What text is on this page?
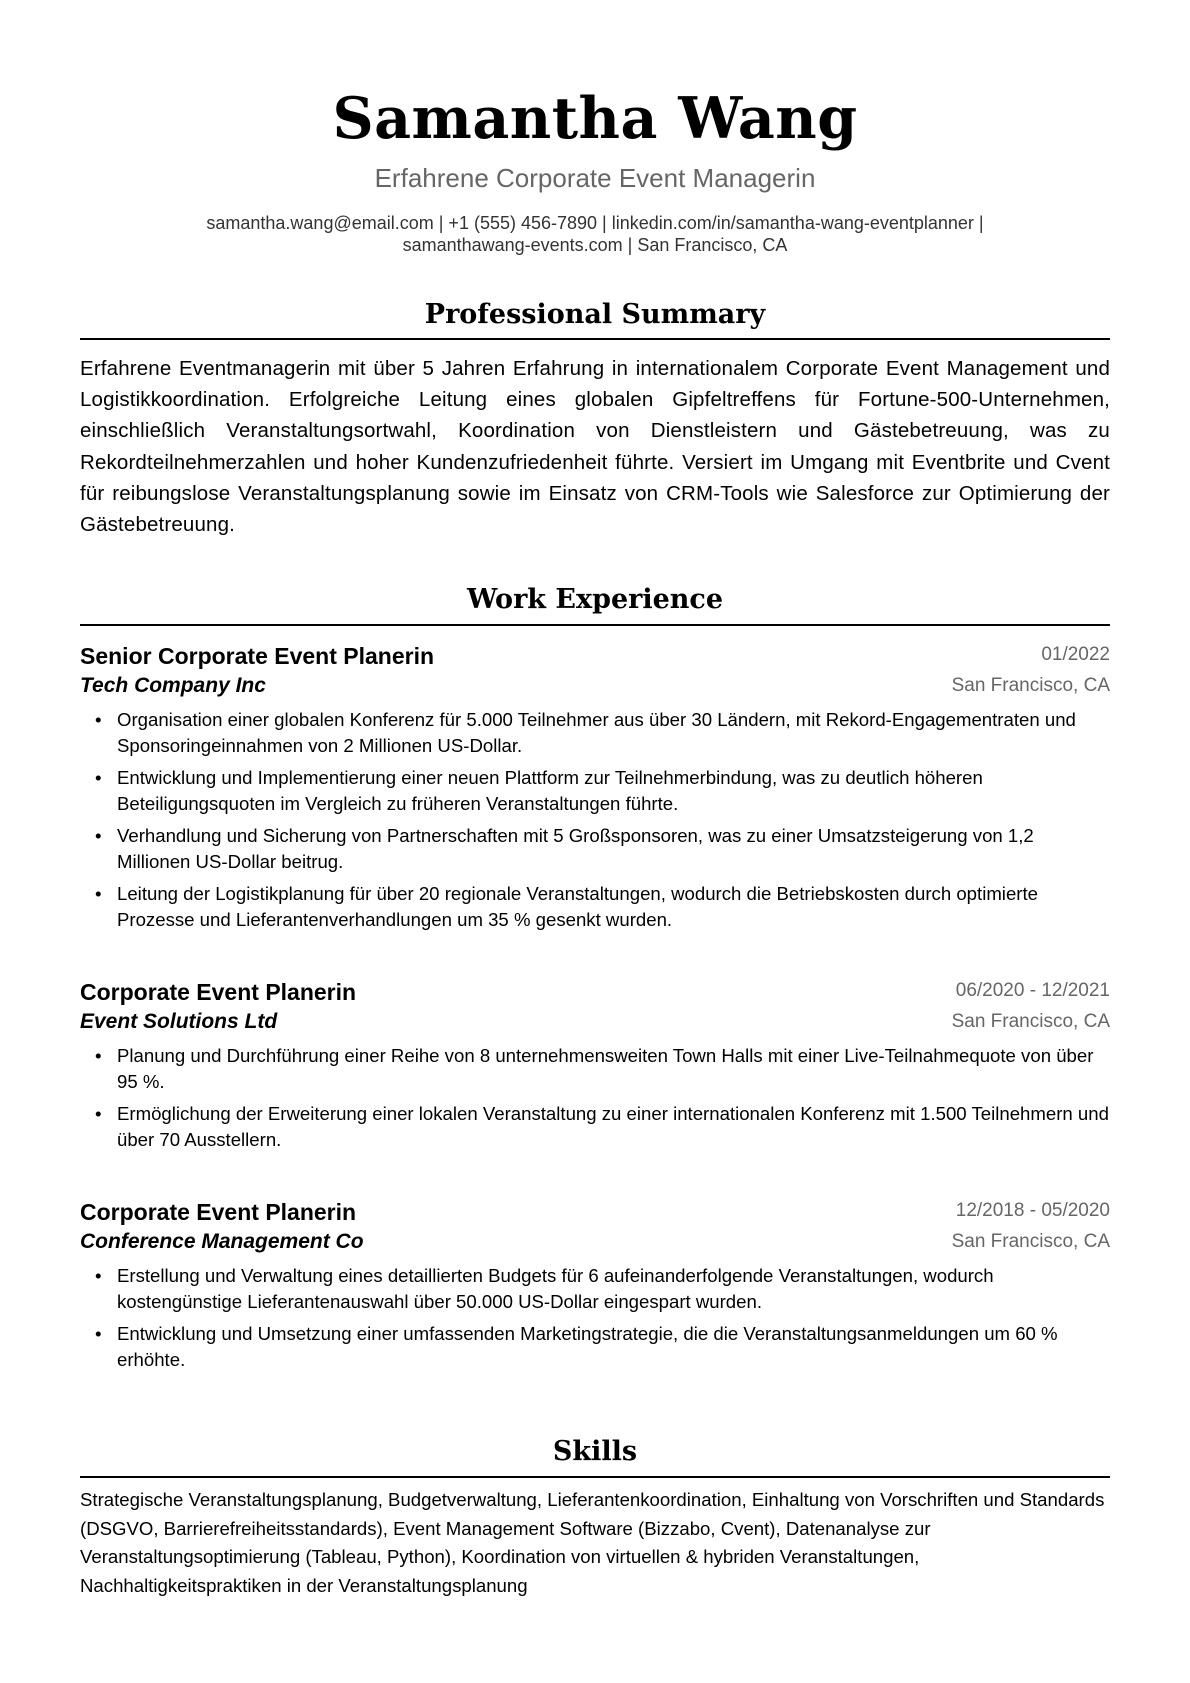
Samantha Wang
Erfahrene Corporate Event Managerin
samantha.wang@email.com | +1 (555) 456-7890 | linkedin.com/in/samantha-wang-eventplanner |
samanthawang-events.com | San Francisco, CA
Professional Summary
Erfahrene Eventmanagerin mit über 5 Jahren Erfahrung in internationalem Corporate Event Management und Logistikkoordination. Erfolgreiche Leitung eines globalen Gipfeltreffens für Fortune-500-Unternehmen, einschließlich Veranstaltungsortwahl, Koordination von Dienstleistern und Gästebetreuung, was zu Rekordteilnehmerzahlen und hoher Kundenzufriedenheit führte. Versiert im Umgang mit Eventbrite und Cvent für reibungslose Veranstaltungsplanung sowie im Einsatz von CRM-Tools wie Salesforce zur Optimierung der Gästebetreuung.
Work Experience
Senior Corporate Event Planerin	01/2022
Tech Company Inc	San Francisco, CA
• Organisation einer globalen Konferenz für 5.000 Teilnehmer aus über 30 Ländern, mit Rekord-Engagementraten und Sponsoringeinnahmen von 2 Millionen US-Dollar.
• Entwicklung und Implementierung einer neuen Plattform zur Teilnehmerbindung, was zu deutlich höheren Beteiligungsquoten im Vergleich zu früheren Veranstaltungen führte.
• Verhandlung und Sicherung von Partnerschaften mit 5 Großsponsoren, was zu einer Umsatzsteigerung von 1,2 Millionen US-Dollar beitrug.
• Leitung der Logistikplanung für über 20 regionale Veranstaltungen, wodurch die Betriebskosten durch optimierte Prozesse und Lieferantenverhandlungen um 35 % gesenkt wurden.
Corporate Event Planerin	06/2020 - 12/2021
Event Solutions Ltd	San Francisco, CA
• Planung und Durchführung einer Reihe von 8 unternehmensweiten Town Halls mit einer Live-Teilnahmequote von über 95 %.
• Ermöglichung der Erweiterung einer lokalen Veranstaltung zu einer internationalen Konferenz mit 1.500 Teilnehmern und über 70 Ausstellern.
Corporate Event Planerin	12/2018 - 05/2020
Conference Management Co	San Francisco, CA
• Erstellung und Verwaltung eines detaillierten Budgets für 6 aufeinanderfolgende Veranstaltungen, wodurch kostengünstige Lieferantenauswahl über 50.000 US-Dollar eingespart wurden.
• Entwicklung und Umsetzung einer umfassenden Marketingstrategie, die die Veranstaltungsanmeldungen um 60 % erhöhte.
Skills
Strategische Veranstaltungsplanung, Budgetverwaltung, Lieferantenkoordination, Einhaltung von Vorschriften und Standards (DSGVO, Barrierefreiheitsstandards), Event Management Software (Bizzabo, Cvent), Datenanalyse zur Veranstaltungsoptimierung (Tableau, Python), Koordination von virtuellen & hybriden Veranstaltungen, Nachhaltigkeitspraktiken in der Veranstaltungsplanung
